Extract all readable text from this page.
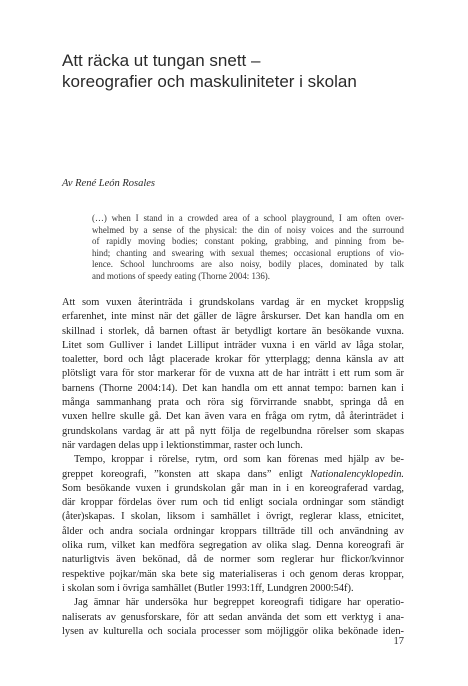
Att räcka ut tungan snett –
koreografier och maskuliniteter i skolan
Av René León Rosales
(…) when I stand in a crowded area of a school playground, I am often over-
whelmed by a sense of the physical: the din of noisy voices and the surround
of rapidly moving bodies; constant poking, grabbing, and pinning from be-
hind; chanting and swearing with sexual themes; occasional eruptions of vio-
lence. School lunchrooms are also noisy, bodily places, dominated by talk
and motions of speedy eating (Thorne 2004: 136).
Att som vuxen återinträda i grundskolans vardag är en mycket kroppslig
erfarenhet, inte minst när det gäller de lägre årskurser. Det kan handla om en
skillnad i storlek, då barnen oftast är betydligt kortare än besökande vuxna.
Litet som Gulliver i landet Lilliput inträder vuxna i en värld av låga stolar,
toaletter, bord och lågt placerade krokar för ytterplagg; denna känsla av att
plötsligt vara för stor markerar för de vuxna att de har inträtt i ett rum som är
barnens (Thorne 2004:14). Det kan handla om ett annat tempo: barnen kan i
många sammanhang prata och röra sig förvirrande snabbt, springa då en
vuxen hellre skulle gå. Det kan även vara en fråga om rytm, då återinträdet i
grundskolans vardag är att på nytt följa de regelbundna rörelser som skapas
när vardagen delas upp i lektionstimmar, raster och lunch.
Tempo, kroppar i rörelse, rytm, ord som kan förenas med hjälp av be-
greppet koreografi, ”konsten att skapa dans” enligt Nationalencyklopedin.
Som besökande vuxen i grundskolan går man in i en koreograferad vardag,
där kroppar fördelas över rum och tid enligt sociala ordningar som ständigt
(åter)skapas. I skolan, liksom i samhället i övrigt, reglerar klass, etnicitet,
ålder och andra sociala ordningar kroppars tillträde till och användning av
olika rum, vilket kan medföra segregation av olika slag. Denna koreografi är
naturligtvis även bekönad, då de normer som reglerar hur flickor/kvinnor
respektive pojkar/män ska bete sig materialiseras i och genom deras kroppar,
i skolan som i övriga samhället (Butler 1993:1ff, Lundgren 2000:54f).
Jag ämnar här undersöka hur begreppet koreografi tidigare har operatio-
naliserats av genusforskare, för att sedan använda det som ett verktyg i ana-
lysen av kulturella och sociala processer som möjliggör olika bekönade iden-
17
